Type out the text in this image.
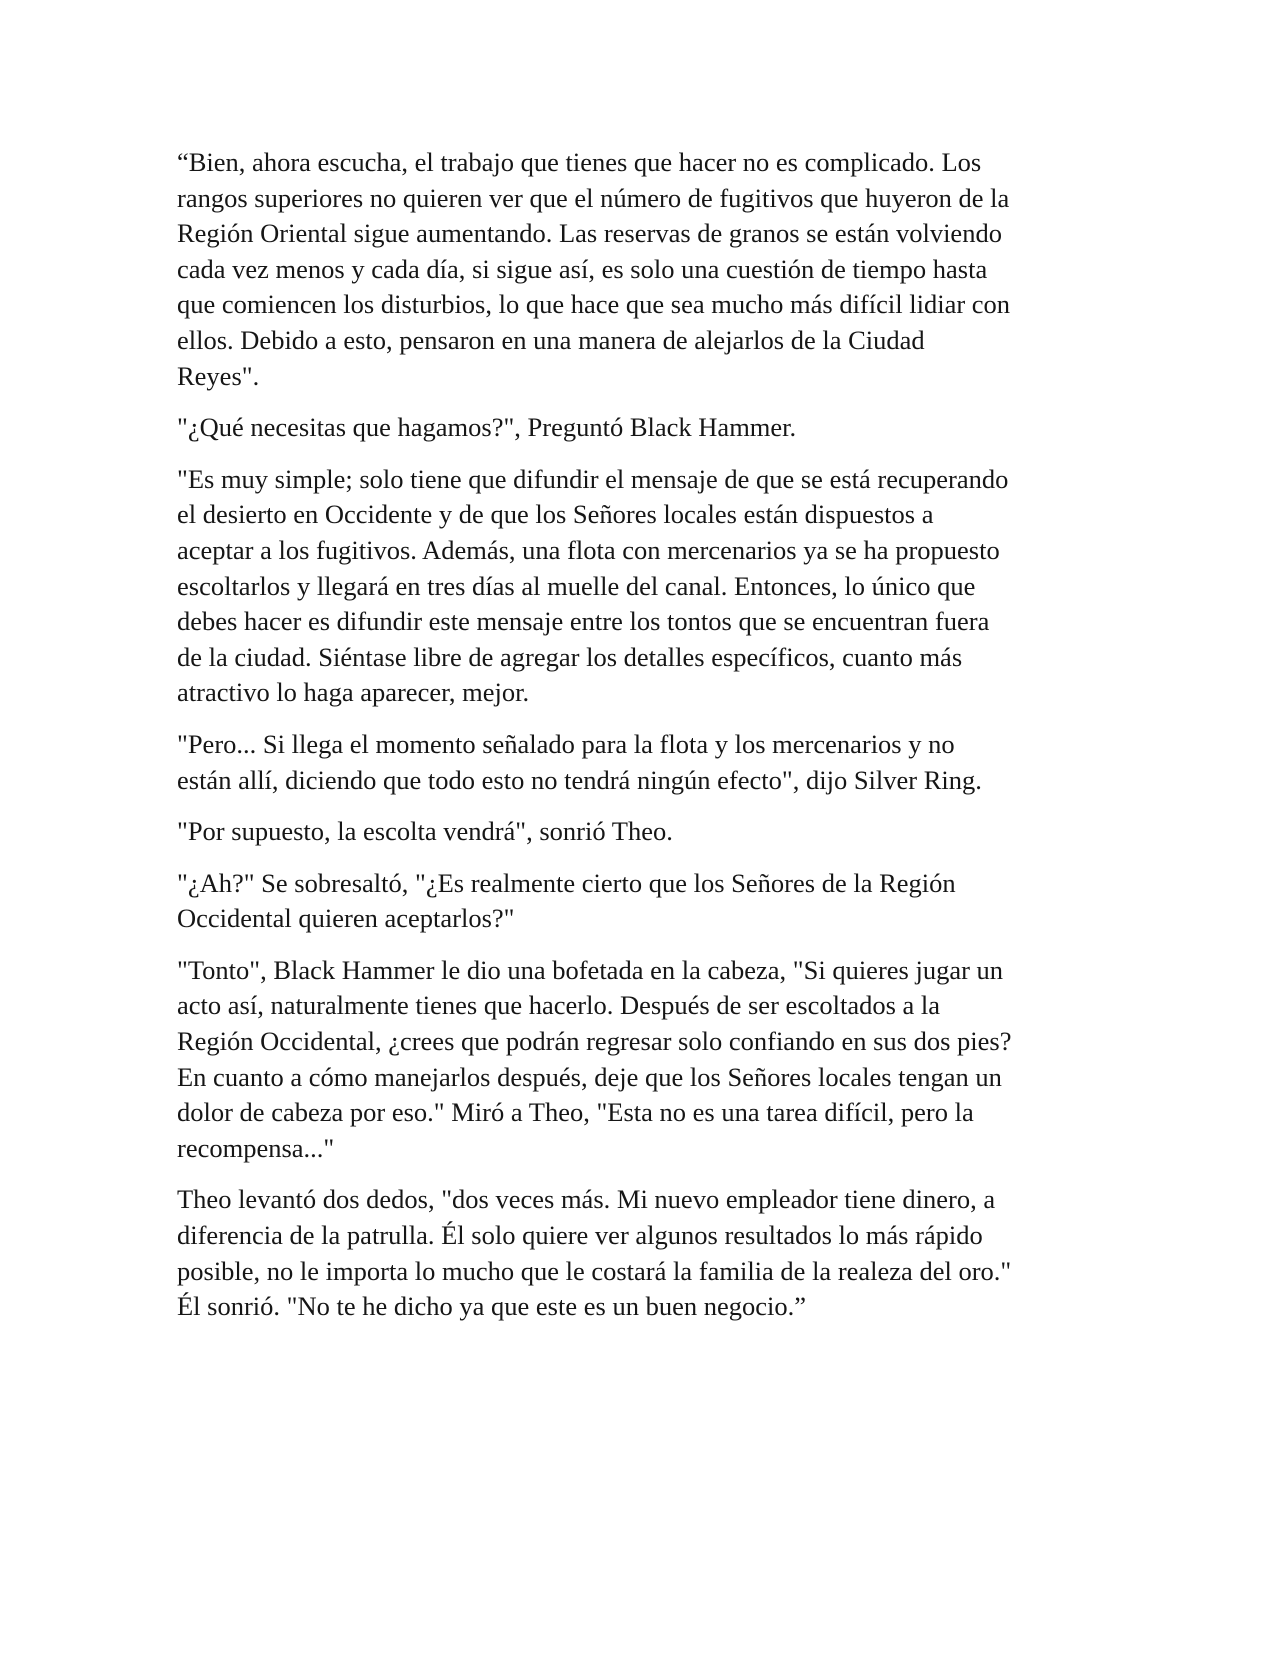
“Bien, ahora escucha, el trabajo que tienes que hacer no es complicado. Los
rangos superiores no quieren ver que el número de fugitivos que huyeron de la
Región Oriental sigue aumentando. Las reservas de granos se están volviendo
cada vez menos y cada día, si sigue así, es solo una cuestión de tiempo hasta
que comiencen los disturbios, lo que hace que sea mucho más difícil lidiar con
ellos. Debido a esto, pensaron en una manera de alejarlos de la Ciudad
Reyes".

"¿Qué necesitas que hagamos?", Preguntó Black Hammer.

"Es muy simple; solo tiene que difundir el mensaje de que se está recuperando
el desierto en Occidente y de que los Señores locales están dispuestos a
aceptar a los fugitivos. Además, una flota con mercenarios ya se ha propuesto
escoltarlos y llegará en tres días al muelle del canal. Entonces, lo único que
debes hacer es difundir este mensaje entre los tontos que se encuentran fuera
de la ciudad. Siéntase libre de agregar los detalles específicos, cuanto más
atractivo lo haga aparecer, mejor.

"Pero... Si llega el momento señalado para la flota y los mercenarios y no
están allí, diciendo que todo esto no tendrá ningún efecto", dijo Silver Ring.

"Por supuesto, la escolta vendrá", sonrió Theo.

"¿Ah?" Se sobresaltó, "¿Es realmente cierto que los Señores de la Región
Occidental quieren aceptarlos?"

"Tonto", Black Hammer le dio una bofetada en la cabeza, "Si quieres jugar un
acto así, naturalmente tienes que hacerlo. Después de ser escoltados a la
Región Occidental, ¿crees que podrán regresar solo confiando en sus dos pies?
En cuanto a cómo manejarlos después, deje que los Señores locales tengan un
dolor de cabeza por eso." Miró a Theo, "Esta no es una tarea difícil, pero la
recompensa..."

Theo levantó dos dedos, "dos veces más. Mi nuevo empleador tiene dinero, a
diferencia de la patrulla. Él solo quiere ver algunos resultados lo más rápido
posible, no le importa lo mucho que le costará la familia de la realeza del oro."
Él sonrió. "No te he dicho ya que este es un buen negocio.”
